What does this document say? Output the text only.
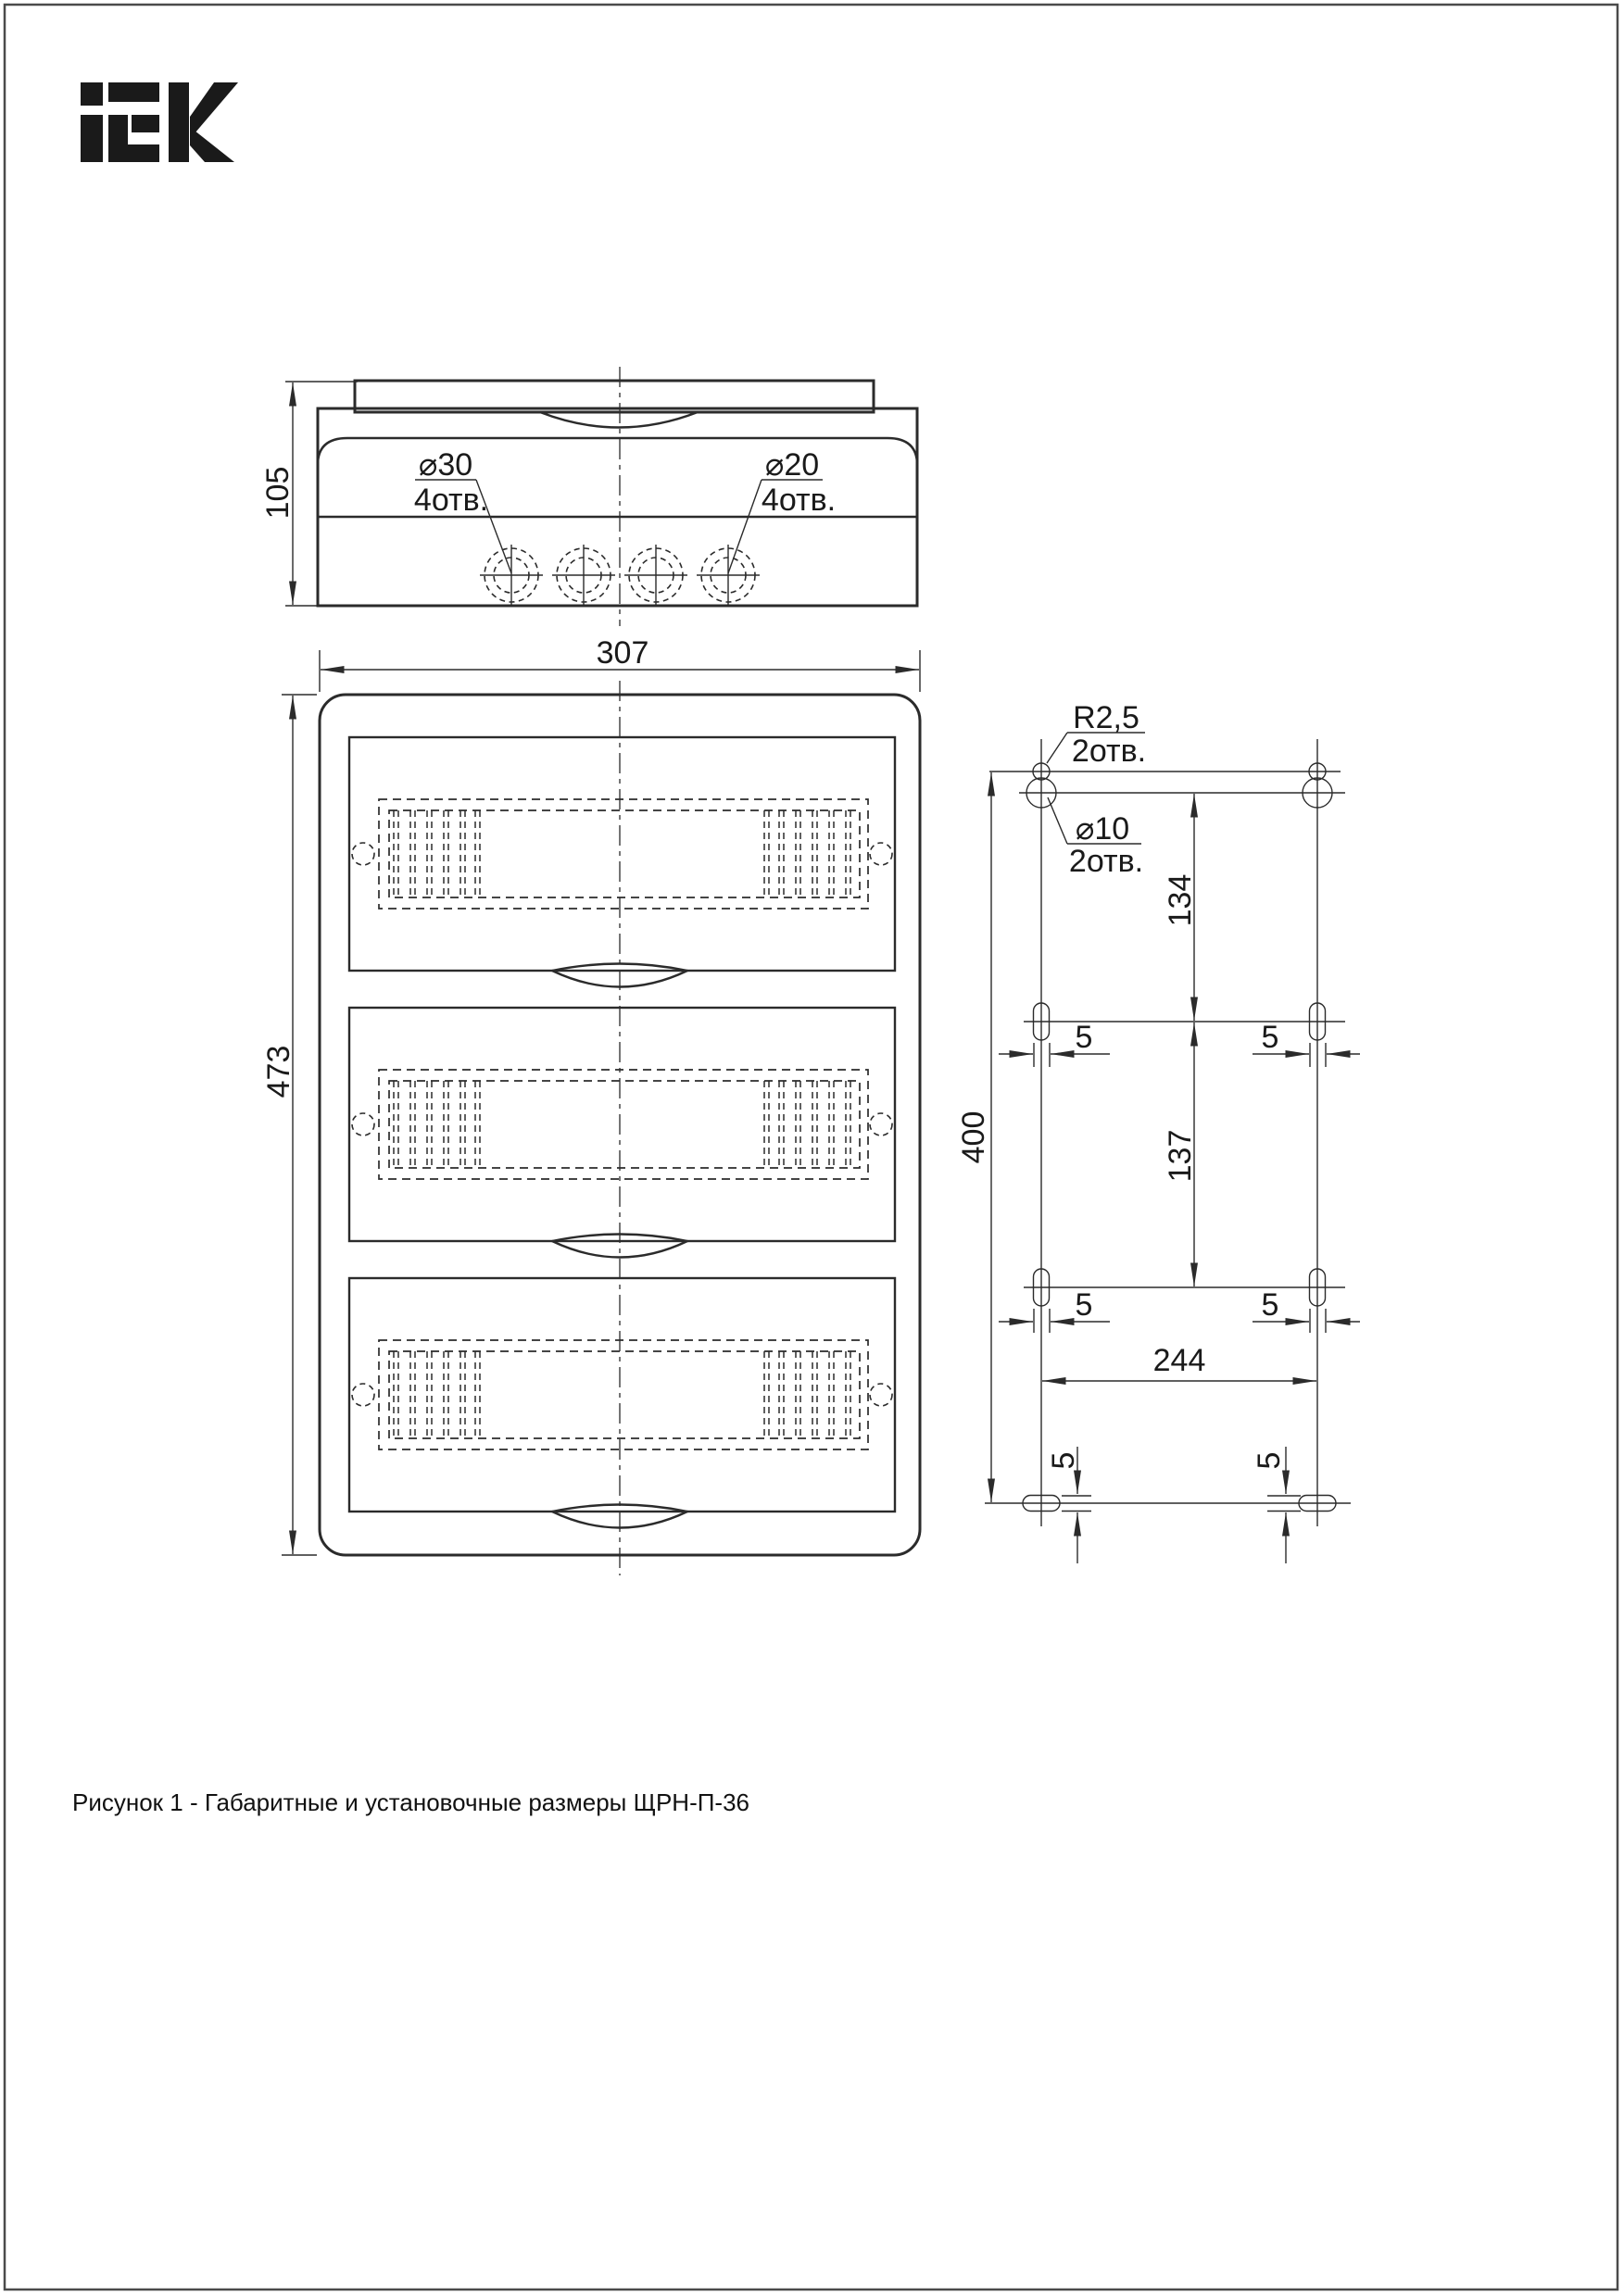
105
⌀30
4отв.
⌀20
4отв.
307
473
R2,5
2отв.
⌀10
2отв.
400
134
137
5	5
5	5
244
5	5
Рисунок 1 - Габаритные и установочные размеры ЩРН-П-36
